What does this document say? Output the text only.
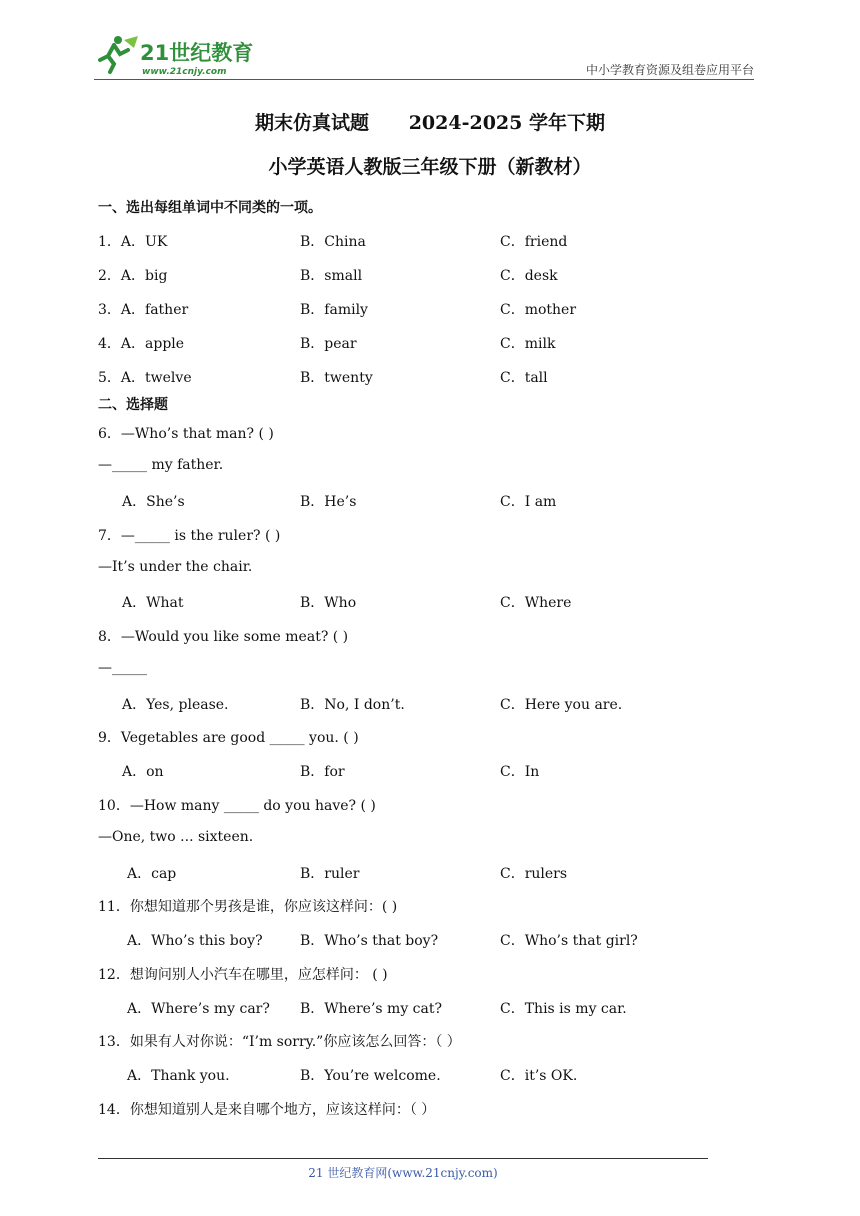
21世纪教育
www.21cnjy.com	中小学教育资源及组卷应用平台
期末仿真试题      2024-2025 学年下期
小学英语人教版三年级下册（新教材）
一、选出每组单词中不同类的一项。
1．A．UK	B．China	C．friend
2．A．big	B．small	C．desk
3．A．father	B．family	C．mother
4．A．apple	B．pear	C．milk
5．A．twelve	B．twenty	C．tall
二、选择题
6．—Who’s that man? ( )
—_____ my father.
A．She’s	B．He’s	C．I am
7．—_____ is the ruler? ( )
—It’s under the chair.
A．What	B．Who	C．Where
8．—Would you like some meat? ( )
—_____
A．Yes, please.	B．No, I don’t.	C．Here you are.
9．Vegetables are good _____ you. ( )
A．on	B．for	C．In
10．—How many _____ do you have? ( )
—One, two ... sixteen.
A．cap	B．ruler	C．rulers
11．你想知道那个男孩是谁，你应该这样问：( )
A．Who’s this boy?	B．Who’s that boy?	C．Who’s that girl?
12．想询问别人小汽车在哪里，应怎样问： ( )
A．Where’s my car? B．Where’s my cat?	C．This is my car.
13．如果有人对你说：“I’m sorry.”你应该怎么回答：（ ）
A．Thank you.	B．You’re welcome.	C．it’s OK.
14．你想知道别人是来自哪个地方，应该这样问：（ ）
21 世纪教育网(www.21cnjy.com)
